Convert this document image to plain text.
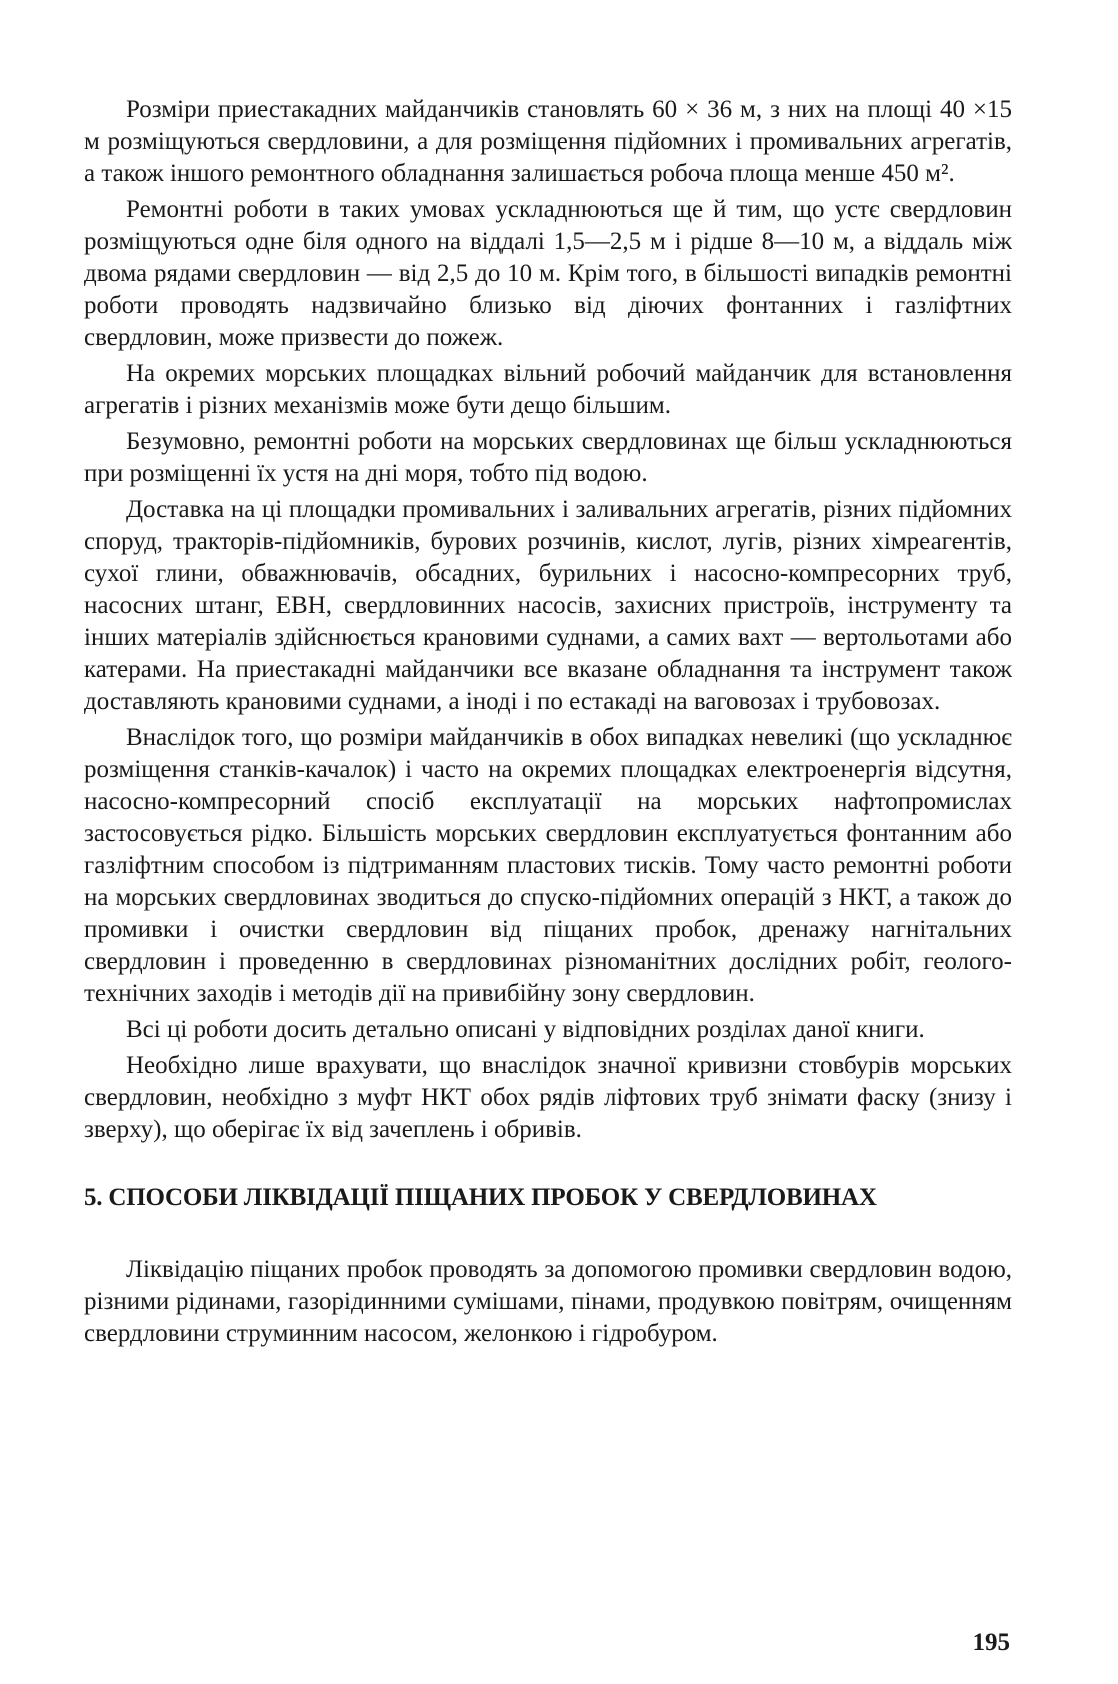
Розміри приестакадних майданчиків становлять 60 × 36 м, з них на площі 40 ×15 м розміщуються свердловини, а для розміщення підйомних і промивальних агрегатів, а також іншого ремонтного обладнання залишається робоча площа менше 450 м².

Ремонтні роботи в таких умовах ускладнюються ще й тим, що устє свердловин розміщуються одне біля одного на віддалі 1,5—2,5 м і рідше 8—10 м, а віддаль між двома рядами свердловин — від 2,5 до 10 м. Крім того, в більшості випадків ремонтні роботи проводять надзвичайно близько від діючих фонтанних і газліфтних свердловин, може призвести до пожеж.

На окремих морських площадках вільний робочий майданчик для встановлення агрегатів і різних механізмів може бути дещо більшим.

Безумовно, ремонтні роботи на морських свердловинах ще більш ускладнюються при розміщенні їх устя на дні моря, тобто під водою.

Доставка на ці площадки промивальних і заливальних агрегатів, різних підйомних споруд, тракторів-підйомників, бурових розчинів, кислот, лугів, різних хімреагентів, сухої глини, обважнювачів, обсадних, бурильних і насосно-компресорних труб, насосних штанг, ЕВН, свердловинних насосів, захисних пристроїв, інструменту та інших матеріалів здійснюється крановими суднами, а самих вахт — вертольотами або катерами. На приестакадні майданчики все вказане обладнання та інструмент також доставляють крановими суднами, а іноді і по естакаді на ваговозах і трубовозах.

Внаслідок того, що розміри майданчиків в обох випадках невеликі (що ускладнює розміщення станків-качалок) і часто на окремих площадках електроенергія відсутня, насосно-компресорний спосіб експлуатації на морських нафтопромислах застосовується рідко. Більшість морських свердловин експлуатується фонтанним або газліфтним способом із підтриманням пластових тисків. Тому часто ремонтні роботи на морських свердловинах зводиться до спуско-підйомних операцій з НКТ, а також до промивки і очистки свердловин від піщаних пробок, дренажу нагнітальних свердловин і проведенню в свердловинах різноманітних дослідних робіт, геолого-технічних заходів і методів дії на привибійну зону свердловин.

Всі ці роботи досить детально описані у відповідних розділах даної книги.

Необхідно лише врахувати, що внаслідок значної кривизни стовбурів морських свердловин, необхідно з муфт НКТ обох рядів ліфтових труб знімати фаску (знизу і зверху), що оберігає їх від зачеплень і обривів.

5. СПОСОБИ ЛІКВІДАЦІЇ ПІЩАНИХ ПРОБОК У СВЕРДЛОВИНАХ

Ліквідацію піщаних пробок проводять за допомогою промивки свердловин водою, різними рідинами, газорідинними сумішами, пінами, продувкою повітрям, очищенням свердловини струминним насосом, желонкою і гідробуром.

195
